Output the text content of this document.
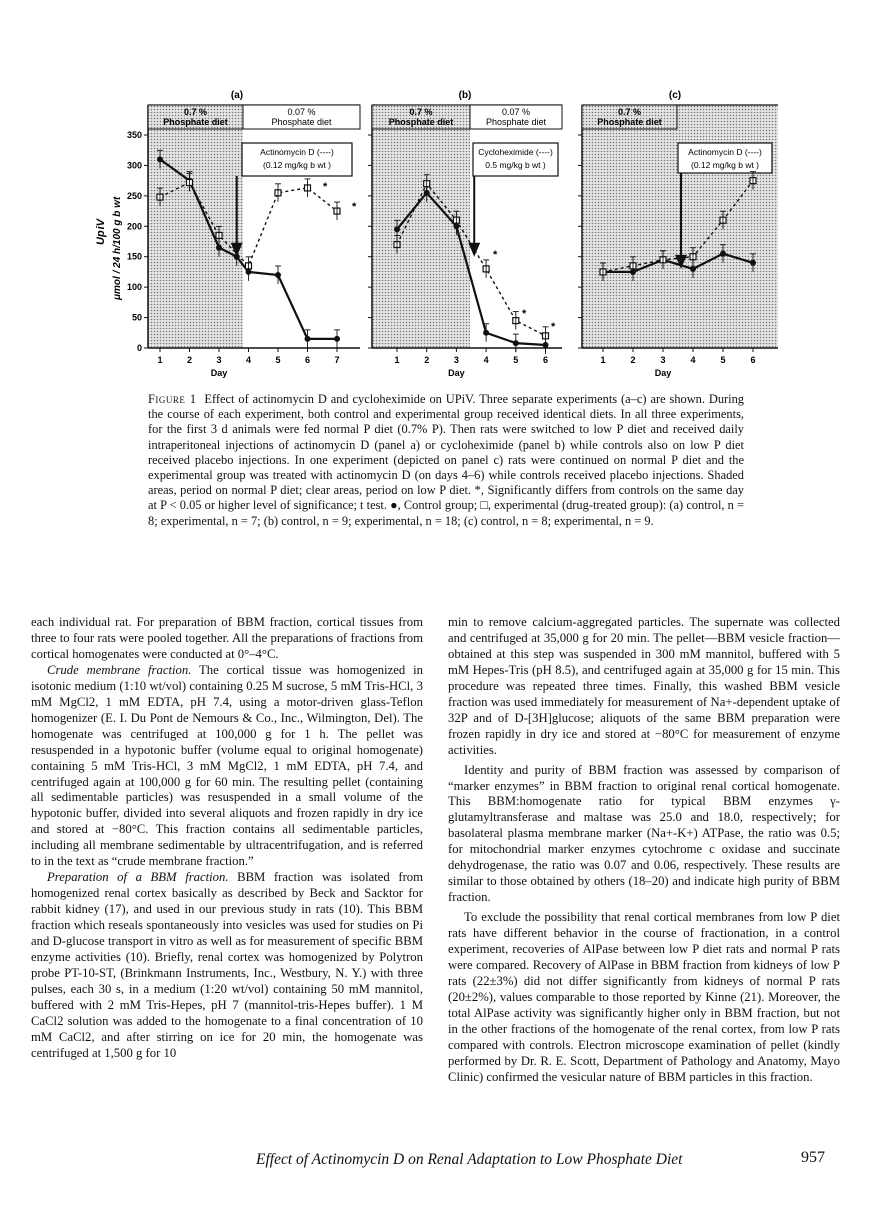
(a)
0.7 %
Phosphate diet
0.07 %
Phosphate diet
Actinomycin D (----)
(0.12 mg/kg b wt )
1	2	3	4	5	6	7
Day
0
50
100
150
200
250
300
350
(b)
0.7 %
Phosphate diet
0.07 %
Phosphate diet
Cycloheximide (----)
0.5 mg/kg b wt )
1	2	3	4	5	6
Day
(c)
0.7 %
Phosphate diet
Actinomycin D (----)
(0.12 mg/kg b wt )
1	2	3	4	5	6
Day
*
*
*
*
*
μmol / 24 h/100 g b wt
Up iV
Figure 1 Effect of actinomycin D and cycloheximide on UPiV. Three separate experiments (a–c) are shown. During the course of each experiment, both control and experimental group received identical diets. In all three experiments, for the first 3 d animals were fed normal P diet (0.7% P). Then rats were switched to low P diet and received daily intraperitoneal injections of actinomycin D (panel a) or cycloheximide (panel b) while controls also on low P diet received placebo injections. In one experiment (depicted on panel c) rats were continued on normal P diet and the experimental group was treated with actinomycin D (on days 4–6) while controls received placebo injections. Shaded areas, period on normal P diet; clear areas, period on low P diet. *, Significantly differs from controls on the same day at P < 0.05 or higher level of significance; t test. ●, Control group; □, experimental (drug-treated group): (a) control, n = 8; experimental, n = 7; (b) control, n = 9; experimental, n = 18; (c) control, n = 8; experimental, n = 9.

each individual rat. For preparation of BBM fraction, cortical tissues from three to four rats were pooled together. All the preparations of fractions from cortical homogenates were conducted at 0°–4°C.

Crude membrane fraction. The cortical tissue was homogenized in isotonic medium (1:10 wt/vol) containing 0.25 M sucrose, 5 mM Tris-HCl, 3 mM MgCl2, 1 mM EDTA, pH 7.4, using a motor-driven glass-Teflon homogenizer (E. I. Du Pont de Nemours & Co., Inc., Wilmington, Del). The homogenate was centrifuged at 100,000 g for 1 h. The pellet was resuspended in a hypotonic buffer (volume equal to original homogenate) containing 5 mM Tris-HCl, 3 mM MgCl2, 1 mM EDTA, pH 7.4, and centrifuged again at 100,000 g for 60 min. The resulting pellet (containing all sedimentable particles) was resuspended in a small volume of the hypotonic buffer, divided into several aliquots and frozen rapidly in dry ice and stored at −80°C. This fraction contains all sedimentable particles, including all membrane sedimentable by ultracentrifugation, and is referred to in the text as “crude membrane fraction.”

Preparation of a BBM fraction. BBM fraction was isolated from homogenized renal cortex basically as described by Beck and Sacktor for rabbit kidney (17), and used in our previous study in rats (10). This BBM fraction which reseals spontaneously into vesicles was used for studies on Pi and D-glucose transport in vitro as well as for measurement of specific BBM enzyme activities (10). Briefly, renal cortex was homogenized by Polytron probe PT-10-ST, (Brinkmann Instruments, Inc., Westbury, N. Y.) with three pulses, each 30 s, in a medium (1:20 wt/vol) containing 50 mM mannitol, buffered with 2 mM Tris-Hepes, pH 7 (mannitol-tris-Hepes buffer). 1 M CaCl2 solution was added to the homogenate to a final concentration of 10 mM CaCl2, and after stirring on ice for 20 min, the homogenate was centrifuged at 1,500 g for 10

min to remove calcium-aggregated particles. The supernate was collected and centrifuged at 35,000 g for 20 min. The pellet—BBM vesicle fraction—obtained at this step was suspended in 300 mM mannitol, buffered with 5 mM Hepes-Tris (pH 8.5), and centrifuged again at 35,000 g for 15 min. This procedure was repeated three times. Finally, this washed BBM vesicle fraction was used immediately for measurement of Na+-dependent uptake of 32P and of D-[3H]glucose; aliquots of the same BBM preparation were frozen rapidly in dry ice and stored at −80°C for measurement of enzyme activities.

Identity and purity of BBM fraction was assessed by comparison of “marker enzymes” in BBM fraction to original renal cortical homogenate. This BBM:homogenate ratio for typical BBM enzymes γ-glutamyltransferase and maltase was 25.0 and 18.0, respectively; for basolateral plasma membrane marker (Na+-K+) ATPase, the ratio was 0.5; for mitochondrial marker enzymes cytochrome c oxidase and succinate dehydrogenase, the ratio was 0.07 and 0.06, respectively. These results are similar to those obtained by others (18–20) and indicate high purity of BBM fraction.

To exclude the possibility that renal cortical membranes from low P diet rats have different behavior in the course of fractionation, in a control experiment, recoveries of AlPase between low P diet rats and normal P rats were compared. Recovery of AlPase in BBM fraction from kidneys of low P rats (22±3%) did not differ significantly from kidneys of normal P rats (20±2%), values comparable to those reported by Kinne (21). Moreover, the total AlPase activity was significantly higher only in BBM fraction, but not in the other fractions of the homogenate of the renal cortex, from low P rats compared with controls. Electron microscope examination of pellet (kindly performed by Dr. R. E. Scott, Department of Pathology and Anatomy, Mayo Clinic) confirmed the vesicular nature of BBM particles in this fraction.

Effect of Actinomycin D on Renal Adaptation to Low Phosphate Diet	957
